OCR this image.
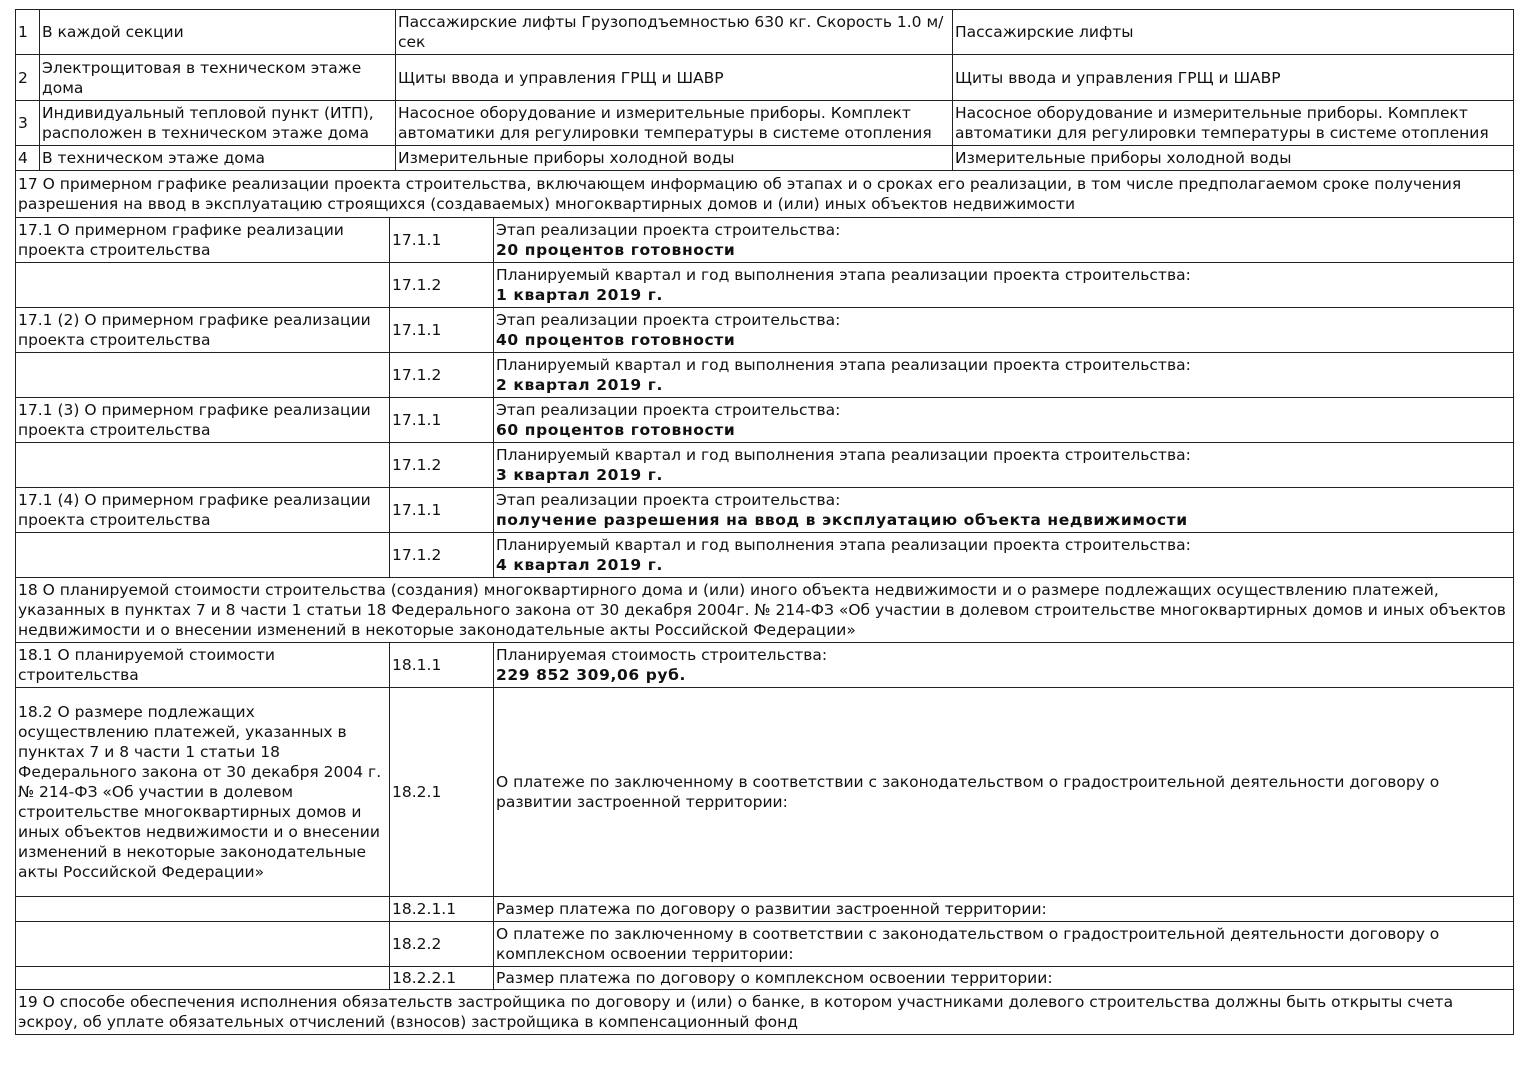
1	В каждой секции	Пассажирские лифты Грузоподъемностью 630 кг. Скорость 1.0 м/сек	Пассажирские лифты
2	Электрощитовая в техническом этаже дома	Щиты ввода и управления ГРЩ и ШАВР	Щиты ввода и управления ГРЩ и ШАВР
3	Индивидуальный тепловой пункт (ИТП), расположен в техническом этаже дома	Насосное оборудование и измерительные приборы. Комплект автоматики для регулировки температуры в системе отопления	Насосное оборудование и измерительные приборы. Комплект автоматики для регулировки температуры в системе отопления
4	В техническом этаже дома	Измерительные приборы холодной воды	Измерительные приборы холодной воды
17 О примерном графике реализации проекта строительства, включающем информацию об этапах и о сроках его реализации, в том числе предполагаемом сроке получения разрешения на ввод в эксплуатацию строящихся (создаваемых) многоквартирных домов и (или) иных объектов недвижимости		
17.1 О примерном графике реализации проекта строительства	17.1.1	Этап реализации проекта строительства:
20 процентов готовности

	17.1.2	Планируемый квартал и год выполнения этапа реализации проекта строительства:
1 квартал 2019 г.

17.1 (2) О примерном графике реализации проекта строительства	17.1.1	Этап реализации проекта строительства:
40 процентов готовности

	17.1.2	Планируемый квартал и год выполнения этапа реализации проекта строительства:
2 квартал 2019 г.

17.1 (3) О примерном графике реализации проекта строительства	17.1.1	Этап реализации проекта строительства:
60 процентов готовности

	17.1.2	Планируемый квартал и год выполнения этапа реализации проекта строительства:
3 квартал 2019 г.

17.1 (4) О примерном графике реализации проекта строительства	17.1.1	Этап реализации проекта строительства:
получение разрешения на ввод в эксплуатацию объекта недвижимости

	17.1.2	Планируемый квартал и год выполнения этапа реализации проекта строительства:
4 квартал 2019 г.

18 О планируемой стоимости строительства (создания) многоквартирного дома и (или) иного объекта недвижимости и о размере подлежащих осуществлению платежей, указанных в пунктах 7 и 8 части 1 статьи 18 Федерального закона от 30 декабря 2004г. № 214-ФЗ «Об участии в долевом строительстве многоквартирных домов и иных объектов недвижимости и о внесении изменений в некоторые законодательные акты Российской Федерации»		
18.1 О планируемой стоимости строительства	18.1.1	Планируемая стоимость строительства:
229 852 309,06 руб.

18.2 О размере подлежащих осуществлению платежей, указанных в пунктах 7 и 8 части 1 статьи 18 Федерального закона от 30 декабря 2004 г. № 214-ФЗ «Об участии в долевом строительстве многоквартирных домов и иных объектов недвижимости и о внесении изменений в некоторые законодательные акты Российской Федерации»	18.2.1	О платеже по заключенному в соответствии с законодательством о градостроительной деятельности договору о развитии застроенной территории:
	18.2.1.1	Размер платежа по договору о развитии застроенной территории:
	18.2.2	О платеже по заключенному в соответствии с законодательством о градостроительной деятельности договору о комплексном освоении территории:
	18.2.2.1	Размер платежа по договору о комплексном освоении территории:
19 О способе обеспечения исполнения обязательств застройщика по договору и (или) о банке, в котором участниками долевого строительства должны быть открыты счета эскроу, об уплате обязательных отчислений (взносов) застройщика в компенсационный фонд		
